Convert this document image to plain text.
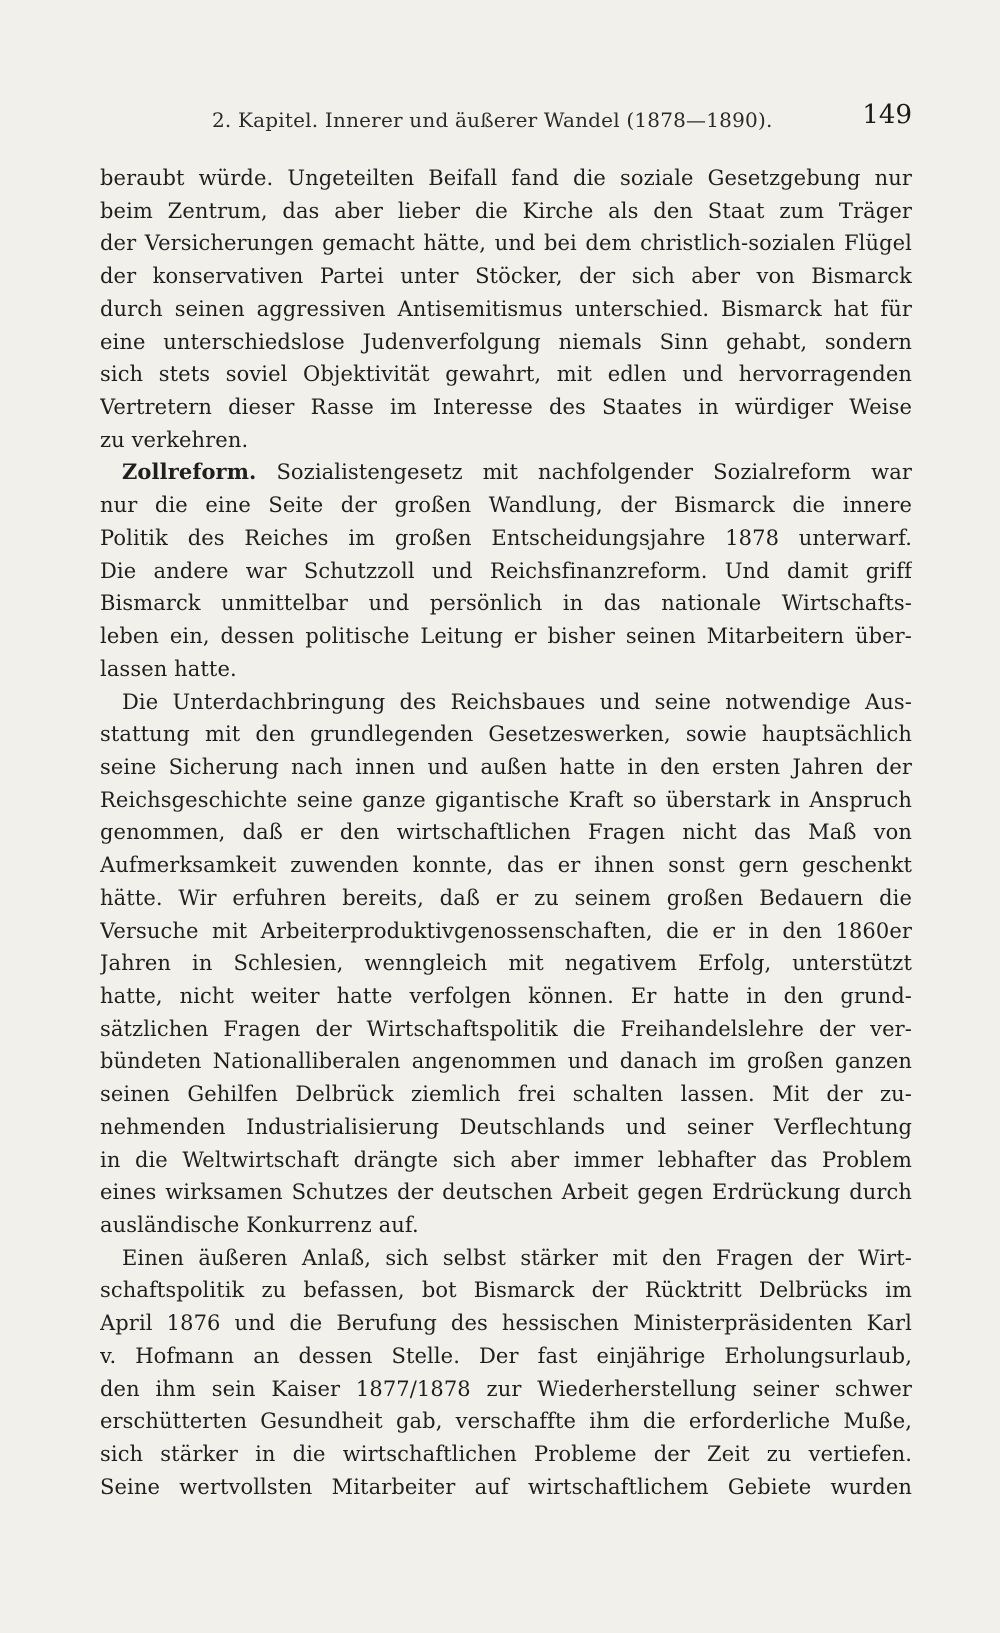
2. Kapitel. Innerer und äußerer Wandel (1878—1890).	149
beraubt würde. Ungeteilten Beifall fand die soziale Gesetzgebung nur
beim Zentrum, das aber lieber die Kirche als den Staat zum Träger
der Versicherungen gemacht hätte, und bei dem christlich-sozialen Flügel
der konservativen Partei unter Stöcker, der sich aber von Bismarck
durch seinen aggressiven Antisemitismus unterschied. Bismarck hat für
eine unterschiedslose Judenverfolgung niemals Sinn gehabt, sondern
sich stets soviel Objektivität gewahrt, mit edlen und hervorragenden
Vertretern dieser Rasse im Interesse des Staates in würdiger Weise
zu verkehren.
Zollreform. Sozialistengesetz mit nachfolgender Sozialreform war
nur die eine Seite der großen Wandlung, der Bismarck die innere
Politik des Reiches im großen Entscheidungsjahre 1878 unterwarf.
Die andere war Schutzzoll und Reichsfinanzreform. Und damit griff
Bismarck unmittelbar und persönlich in das nationale Wirtschafts-
leben ein, dessen politische Leitung er bisher seinen Mitarbeitern über-
lassen hatte.
Die Unterdachbringung des Reichsbaues und seine notwendige Aus-
stattung mit den grundlegenden Gesetzeswerken, sowie hauptsächlich
seine Sicherung nach innen und außen hatte in den ersten Jahren der
Reichsgeschichte seine ganze gigantische Kraft so überstark in Anspruch
genommen, daß er den wirtschaftlichen Fragen nicht das Maß von
Aufmerksamkeit zuwenden konnte, das er ihnen sonst gern geschenkt
hätte. Wir erfuhren bereits, daß er zu seinem großen Bedauern die
Versuche mit Arbeiterproduktivgenossenschaften, die er in den 1860er
Jahren in Schlesien, wenngleich mit negativem Erfolg, unterstützt
hatte, nicht weiter hatte verfolgen können. Er hatte in den grund-
sätzlichen Fragen der Wirtschaftspolitik die Freihandelslehre der ver-
bündeten Nationalliberalen angenommen und danach im großen ganzen
seinen Gehilfen Delbrück ziemlich frei schalten lassen. Mit der zu-
nehmenden Industrialisierung Deutschlands und seiner Verflechtung
in die Weltwirtschaft drängte sich aber immer lebhafter das Problem
eines wirksamen Schutzes der deutschen Arbeit gegen Erdrückung durch
ausländische Konkurrenz auf.
Einen äußeren Anlaß, sich selbst stärker mit den Fragen der Wirt-
schaftspolitik zu befassen, bot Bismarck der Rücktritt Delbrücks im
April 1876 und die Berufung des hessischen Ministerpräsidenten Karl
v. Hofmann an dessen Stelle. Der fast einjährige Erholungsurlaub,
den ihm sein Kaiser 1877/1878 zur Wiederherstellung seiner schwer
erschütterten Gesundheit gab, verschaffte ihm die erforderliche Muße,
sich stärker in die wirtschaftlichen Probleme der Zeit zu vertiefen.
Seine wertvollsten Mitarbeiter auf wirtschaftlichem Gebiete wurden
